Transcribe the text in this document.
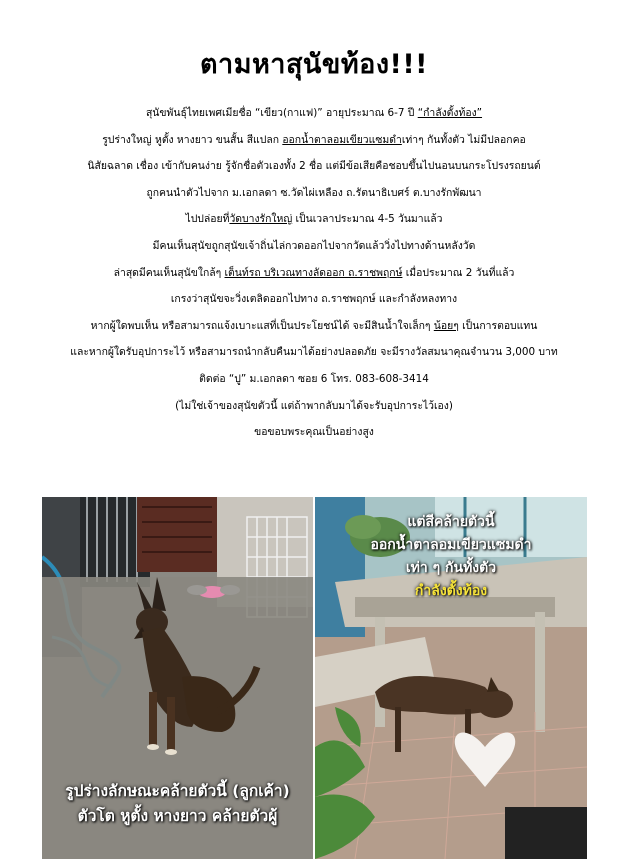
ตามหาสุนัขท้อง!!!
สุนัขพันธุ์ไทยเพศเมียชื่อ “เขียว(กาแฟ)” อายุประมาณ 6-7 ปี “กำลังตั้งท้อง”
รูปร่างใหญ่ หูตั้ง หางยาว ขนสั้น สีแปลก ออกน้ำตาลอมเขียวแซมดำเท่าๆ กันทั้งตัว ไม่มีปลอกคอ
นิสัยฉลาด เชื่อง เข้ากับคนง่าย รู้จักชื่อตัวเองทั้ง 2 ชื่อ แต่มีข้อเสียคือชอบขึ้นไปนอนบนกระโปรงรถยนต์
ถูกคนนำตัวไปจาก ม.เอกลดา ซ.วัดไผ่เหลือง ถ.รัตนาธิเบศร์ ต.บางรักพัฒนา
ไปปล่อยที่วัดบางรักใหญ่ เป็นเวลาประมาณ 4-5 วันมาแล้ว
มีคนเห็นสุนัขถูกสุนัขเจ้าถิ่นไล่กวดออกไปจากวัดแล้ววิ่งไปทางด้านหลังวัด
ล่าสุดมีคนเห็นสุนัขใกล้ๆ เต็นท์รถ บริเวณทางลัดออก ถ.ราชพฤกษ์ เมื่อประมาณ 2 วันที่แล้ว
เกรงว่าสุนัขจะวิ่งเตลิดออกไปทาง ถ.ราชพฤกษ์ และกำลังหลงทาง
หากผู้ใดพบเห็น หรือสามารถแจ้งเบาะแสที่เป็นประโยชน์ได้ จะมีสินน้ำใจเล็กๆ น้อยๆ เป็นการตอบแทน
และหากผู้ใดรับอุปการะไว้ หรือสามารถนำกลับคืนมาได้อย่างปลอดภัย จะมีรางวัลสมนาคุณจำนวน 3,000 บาท
ติดต่อ “ปู” ม.เอกลดา ซอย 6 โทร. 083-608-3414
(ไม่ใช่เจ้าของสุนัขตัวนี้ แต่ถ้าพากลับมาได้จะรับอุปการะไว้เอง)
ขอขอบพระคุณเป็นอย่างสูง
รูปร่างลักษณะคล้ายตัวนี้ (ลูกเค้า)
ตัวโต หูตั้ง หางยาว คล้ายตัวผู้
แต่สีคล้ายตัวนี้
ออกน้ำตาลอมเขียวแซมดำ
เท่า ๆ กันทั้งตัว
กำลังตั้งท้อง
